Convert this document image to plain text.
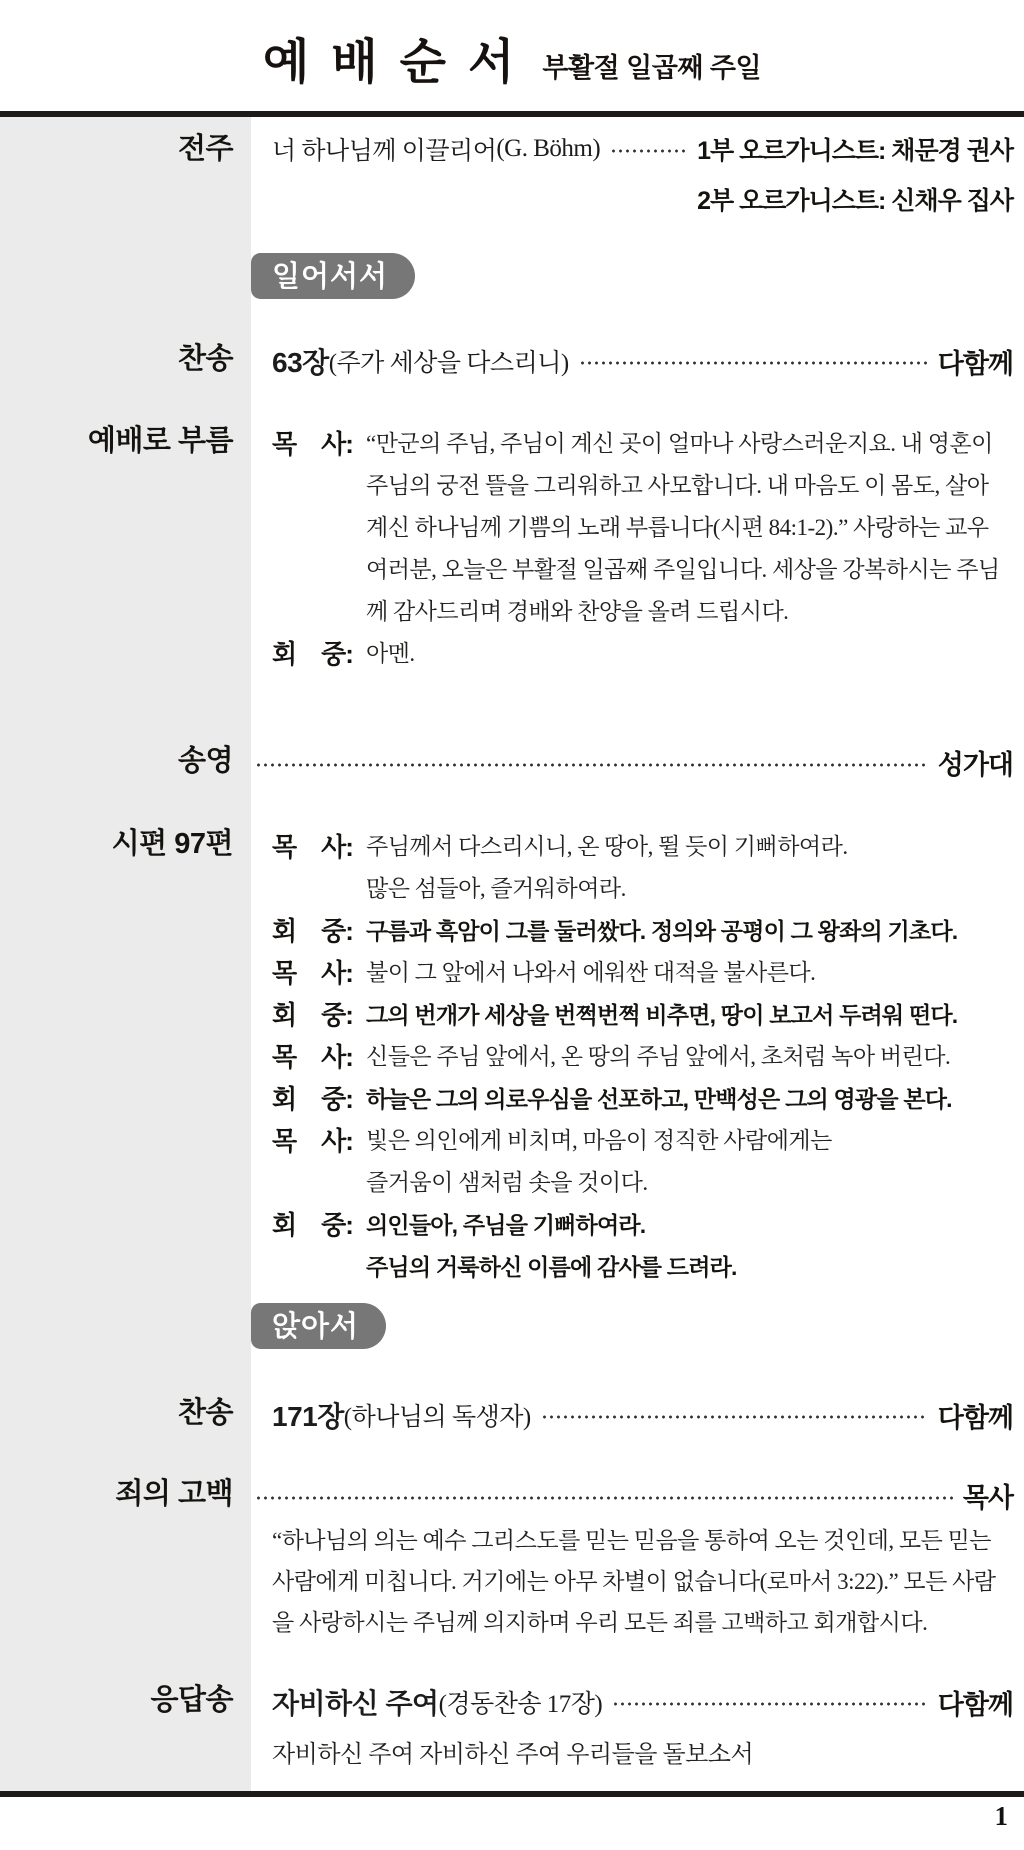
예배순서 부활절 일곱째 주일
전주	너 하나님께 이끌리어 (G. Böhm)	1부 오르가니스트: 채문경 권사
2부 오르가니스트: 신채우 집사
일어서서
찬송	63장 (주가 세상을 다스리니)	다함께
예배로 부름	목　사: “만군의 주님, 주님이 계신 곳이 얼마나 사랑스러운지요. 내 영혼이 주님의 궁전 뜰을 그리워하고 사모합니다. 내 마음도 이 몸도, 살아 계신 하나님께 기쁨의 노래 부릅니다(시편 84:1-2).” 사랑하는 교우 여러분, 오늘은 부활절 일곱째 주일입니다. 세상을 강복하시는 주님께 감사드리며 경배와 찬양을 올려 드립시다.
회　중: 아멘.
송영	성가대
시편 97편	목　사: 주님께서 다스리시니, 온 땅아, 뛸 듯이 기뻐하여라.
많은 섬들아, 즐거워하여라.
회　중: 구름과 흑암이 그를 둘러쌌다. 정의와 공평이 그 왕좌의 기초다.
목　사: 불이 그 앞에서 나와서 에워싼 대적을 불사른다.
회　중: 그의 번개가 세상을 번쩍번쩍 비추면, 땅이 보고서 두려워 떤다.
목　사: 신들은 주님 앞에서, 온 땅의 주님 앞에서, 초처럼 녹아 버린다.
회　중: 하늘은 그의 의로우심을 선포하고, 만백성은 그의 영광을 본다.
목　사: 빛은 의인에게 비치며, 마음이 정직한 사람에게는
즐거움이 샘처럼 솟을 것이다.
회　중: 의인들아, 주님을 기뻐하여라.
주님의 거룩하신 이름에 감사를 드려라.
앉아서
찬송	171장 (하나님의 독생자)	다함께
죄의 고백	목사
“하나님의 의는 예수 그리스도를 믿는 믿음을 통하여 오는 것인데, 모든 믿는 사람에게 미칩니다. 거기에는 아무 차별이 없습니다(로마서 3:22).” 모든 사람을 사랑하시는 주님께 의지하며 우리 모든 죄를 고백하고 회개합시다.
응답송	자비하신 주여 (경동찬송 17장)	다함께
자비하신 주여 자비하신 주여 우리들을 돌보소서
1
